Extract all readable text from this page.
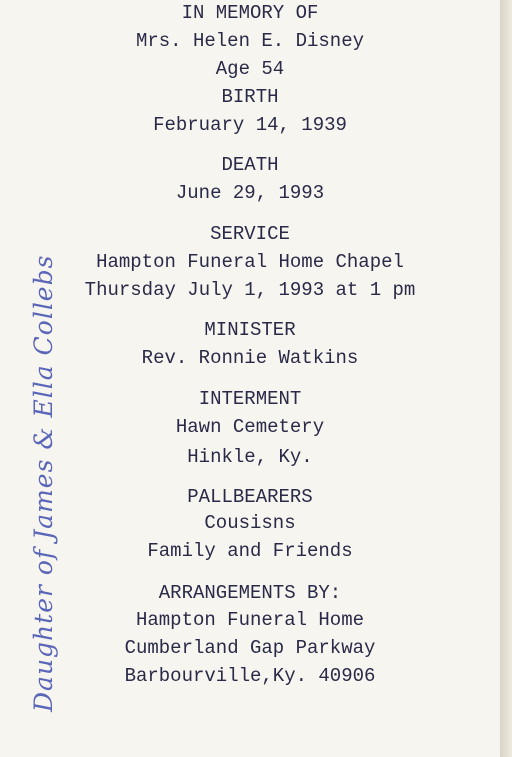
IN MEMORY OF
Mrs. Helen E. Disney
Age 54
BIRTH
February 14, 1939
DEATH
June 29, 1993
SERVICE
Hampton Funeral Home Chapel
Thursday July 1, 1993 at 1 pm
MINISTER
Rev. Ronnie Watkins
INTERMENT
Hawn Cemetery
Hinkle, Ky.
PALLBEARERS
Cousisns
Family and Friends
ARRANGEMENTS BY:
Hampton Funeral Home
Cumberland Gap Parkway
Barbourville,Ky. 40906
Daughter of James & Ella Collebs
